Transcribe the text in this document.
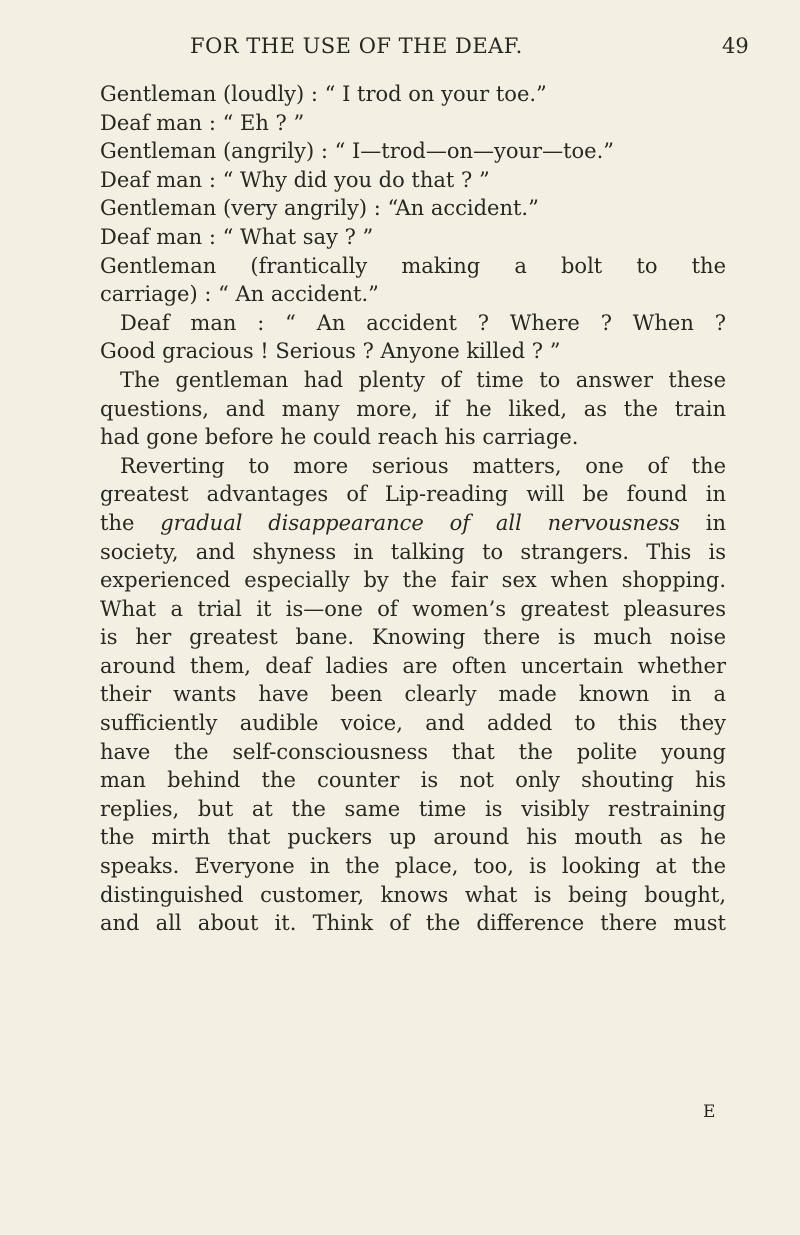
FOR THE USE OF THE DEAF.	49

Gentleman (loudly) : “ I trod on your toe.”

Deaf man : “ Eh ? ”

Gentleman (angrily) : “ I—trod—on—your—toe.”

Deaf man : “ Why did you do that ? ”

Gentleman (very angrily) : “An accident.”

Deaf man : “ What say ? ”

Gentleman (frantically making a bolt to the

carriage) : “ An accident.”

Deaf man : “ An accident ? Where ? When ?

Good gracious ! Serious ? Anyone killed ? ”

The gentleman had plenty of time to answer these

questions, and many more, if he liked, as the train

had gone before he could reach his carriage.

Reverting to more serious matters, one of the

greatest advantages of Lip-reading will be found in

the gradual disappearance of all nervousness in

society, and shyness in talking to strangers. This is

experienced especially by the fair sex when shopping.

What a trial it is—one of women’s greatest pleasures

is her greatest bane. Knowing there is much noise

around them, deaf ladies are often uncertain whether

their wants have been clearly made known in a

sufficiently audible voice, and added to this they

have the self-consciousness that the polite young

man behind the counter is not only shouting his

replies, but at the same time is visibly restraining

the mirth that puckers up around his mouth as he

speaks. Everyone in the place, too, is looking at the

distinguished customer, knows what is being bought,

and all about it. Think of the difference there must

E
